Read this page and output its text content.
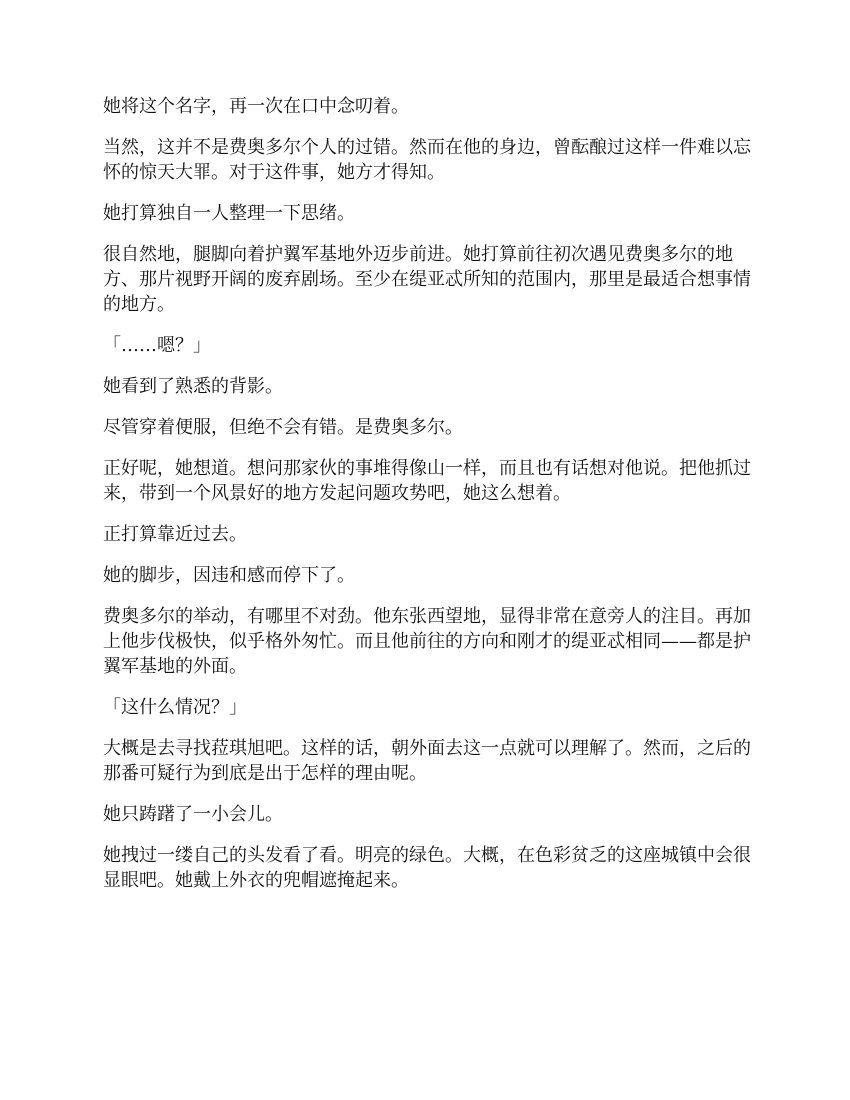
她将这个名字，再一次在口中念叨着。

当然，这并不是费奥多尔个人的过错。然而在他的身边，曾酝酿过这样一件难以忘怀的惊天大罪。对于这件事，她方才得知。

她打算独自一人整理一下思绪。

很自然地，腿脚向着护翼军基地外迈步前进。她打算前往初次遇见费奥多尔的地方、那片视野开阔的废弃剧场。至少在缇亚忒所知的范围内，那里是最适合想事情的地方。

「……嗯？」

她看到了熟悉的背影。

尽管穿着便服，但绝不会有错。是费奥多尔。

正好呢，她想道。想问那家伙的事堆得像山一样，而且也有话想对他说。把他抓过来，带到一个风景好的地方发起问题攻势吧，她这么想着。

正打算靠近过去。

她的脚步，因违和感而停下了。

费奥多尔的举动，有哪里不对劲。他东张西望地，显得非常在意旁人的注目。再加上他步伐极快，似乎格外匆忙。而且他前往的方向和刚才的缇亚忒相同——都是护翼军基地的外面。

「这什么情况？」

大概是去寻找菈琪旭吧。这样的话，朝外面去这一点就可以理解了。然而，之后的那番可疑行为到底是出于怎样的理由呢。

她只踌躇了一小会儿。

她拽过一缕自己的头发看了看。明亮的绿色。大概，在色彩贫乏的这座城镇中会很显眼吧。她戴上外衣的兜帽遮掩起来。
